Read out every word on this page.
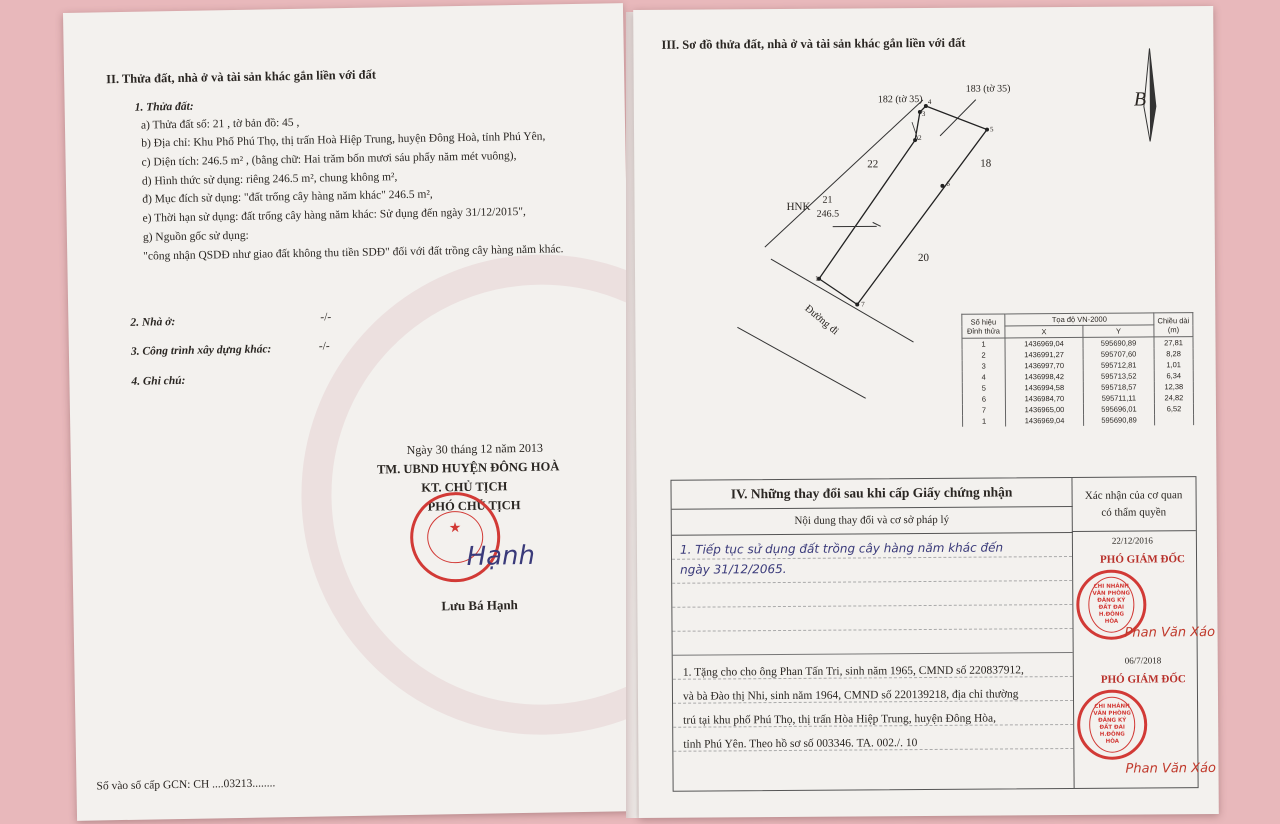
II. Thửa đất, nhà ở và tài sản khác gắn liền với đất
1. Thửa đất:
a) Thửa đất số: 21 , tờ bản đồ: 45 ,
b) Địa chỉ: Khu Phố Phú Thọ, thị trấn Hoà Hiệp Trung, huyện Đông Hoà, tỉnh Phú Yên,
c) Diện tích: 246.5 m² , (bằng chữ: Hai trăm bốn mươi sáu phẩy năm mét vuông),
d) Hình thức sử dụng: riêng 246.5 m², chung không m²,
đ) Mục đích sử dụng: "đất trống cây hàng năm khác" 246.5 m²,
e) Thời hạn sử dụng: đất trống cây hàng năm khác: Sử dụng đến ngày 31/12/2015",
g) Nguồn gốc sử dụng:
"công nhận QSDĐ như giao đất không thu tiền SDĐ" đối với đất trồng cây hàng năm khác.
2. Nhà ở:	-/-
3. Công trình xây dựng khác:	-/-
4. Ghi chú:
Ngày 30 tháng 12 năm 2013
TM. UBND HUYỆN ĐÔNG HOÀ
KT. CHỦ TỊCH
PHÓ CHỦ TỊCH
★
Hạnh
Lưu Bá Hạnh
Số vào sổ cấp GCN: CH ....03213........
III. Sơ đồ thửa đất, nhà ở và tài sản khác gắn liền với đất
B
182 (tờ 35)
183 (tờ 35)
22	18
20
HNK
21
246.5
Đường đi
1
2
3
4
5
6
7
Số hiệu Đỉnh thửa	Tọa độ VN-2000		Chiều dài (m)
	X	Y	
1	1436969,04	595690,89	27,81
2	1436991,27	595707,60	8,28
3	1436997,70	595712,81	1,01
4	1436998,42	595713,52	6,34
5	1436994,58	595718,57	12,38
6	1436984,70	595711,11	24,82
7	1436965,00	595696,01	6,52
1	1436969,04	595690,89	
IV. Những thay đổi sau khi cấp Giấy chứng nhận
Nội dung thay đổi và cơ sở pháp lý
Xác nhận của cơ quan
có thẩm quyền
1. Tiếp tục sử dụng đất trồng cây hàng năm khác đến
ngày 31/12/2065.
1. Tặng cho cho ông Phan Tấn Tri, sinh năm 1965, CMND số 220837912,
và bà Đào thị Nhi, sinh năm 1964, CMND số 220139218, địa chỉ thường
trú tại khu phố Phú Thọ, thị trấn Hòa Hiệp Trung, huyện Đông Hòa,
tỉnh Phú Yên. Theo hồ sơ số 003346. TA. 002./. 10
22/12/2016
PHÓ GIÁM ĐỐC
CHI NHÁNH VĂN PHÒNG ĐĂNG KÝ ĐẤT ĐAI H.ĐÔNG HÒA
Phan Văn Xáo
06/7/2018
PHÓ GIÁM ĐỐC
CHI NHÁNH VĂN PHÒNG ĐĂNG KÝ ĐẤT ĐAI H.ĐÔNG HÒA
Phan Văn Xáo
